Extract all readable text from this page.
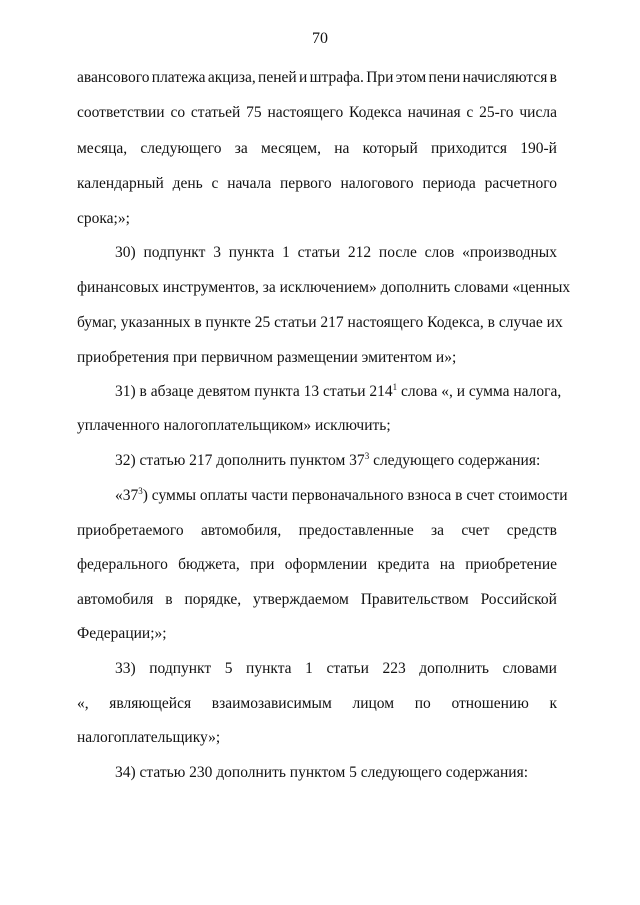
70
авансового платежа акциза, пеней и штрафа. При этом пени начисляются в
соответствии со статьей 75 настоящего Кодекса начиная с 25-го числа
месяца, следующего за месяцем, на который приходится 190-й
календарный день с начала первого налогового периода расчетного
срока;»;
30) подпункт 3 пункта 1 статьи 212 после слов «производных
финансовых инструментов, за исключением» дополнить словами «ценных
бумаг, указанных в пункте 25 статьи 217 настоящего Кодекса, в случае их
приобретения при первичном размещении эмитентом и»;
31) в абзаце девятом пункта 13 статьи $214^1$ слова «, и сумма налога,
уплаченного налогоплательщиком» исключить;
32) статью 217 дополнить пунктом $37^3$ следующего содержания:
«$37^3$) суммы оплаты части первоначального взноса в счет стоимости
приобретаемого автомобиля, предоставленные за счет средств
федерального бюджета, при оформлении кредита на приобретение
автомобиля в порядке, утверждаемом Правительством Российской
Федерации;»;
33) подпункт 5 пункта 1 статьи 223 дополнить словами
«, являющейся взаимозависимым лицом по отношению к
налогоплательщику»;
34) статью 230 дополнить пунктом 5 следующего содержания:
